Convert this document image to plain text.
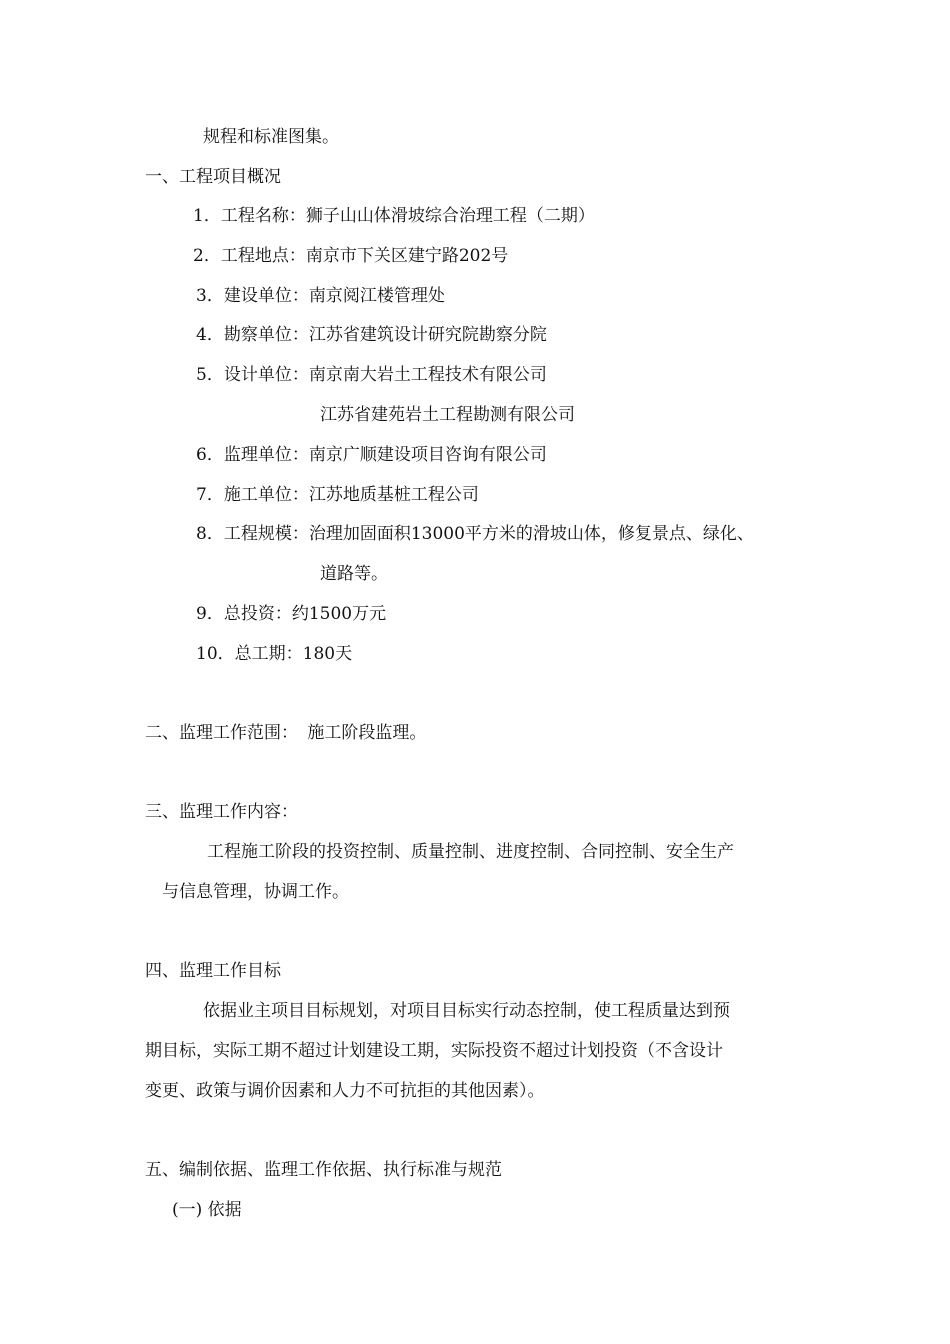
规程和标准图集。
一、工程项目概况
1．工程名称：狮子山山体滑坡综合治理工程（二期）
2．工程地点：南京市下关区建宁路202号
3．建设单位：南京阅江楼管理处
4．勘察单位：江苏省建筑设计研究院勘察分院
5．设计单位：南京南大岩土工程技术有限公司
江苏省建苑岩土工程勘测有限公司
6．监理单位：南京广顺建设项目咨询有限公司
7．施工单位：江苏地质基桩工程公司
8．工程规模：治理加固面积13000平方米的滑坡山体，修复景点、绿化、
道路等。
9．总投资：约1500万元
10．总工期：180天
二、监理工作范围： 施工阶段监理。
三、监理工作内容：
工程施工阶段的投资控制、质量控制、进度控制、合同控制、安全生产
与信息管理，协调工作。
四、监理工作目标
依据业主项目目标规划，对项目目标实行动态控制，使工程质量达到预
期目标，实际工期不超过计划建设工期，实际投资不超过计划投资（不含设计
变更、政策与调价因素和人力不可抗拒的其他因素）。
五、编制依据、监理工作依据、执行标准与规范
(一) 依据
